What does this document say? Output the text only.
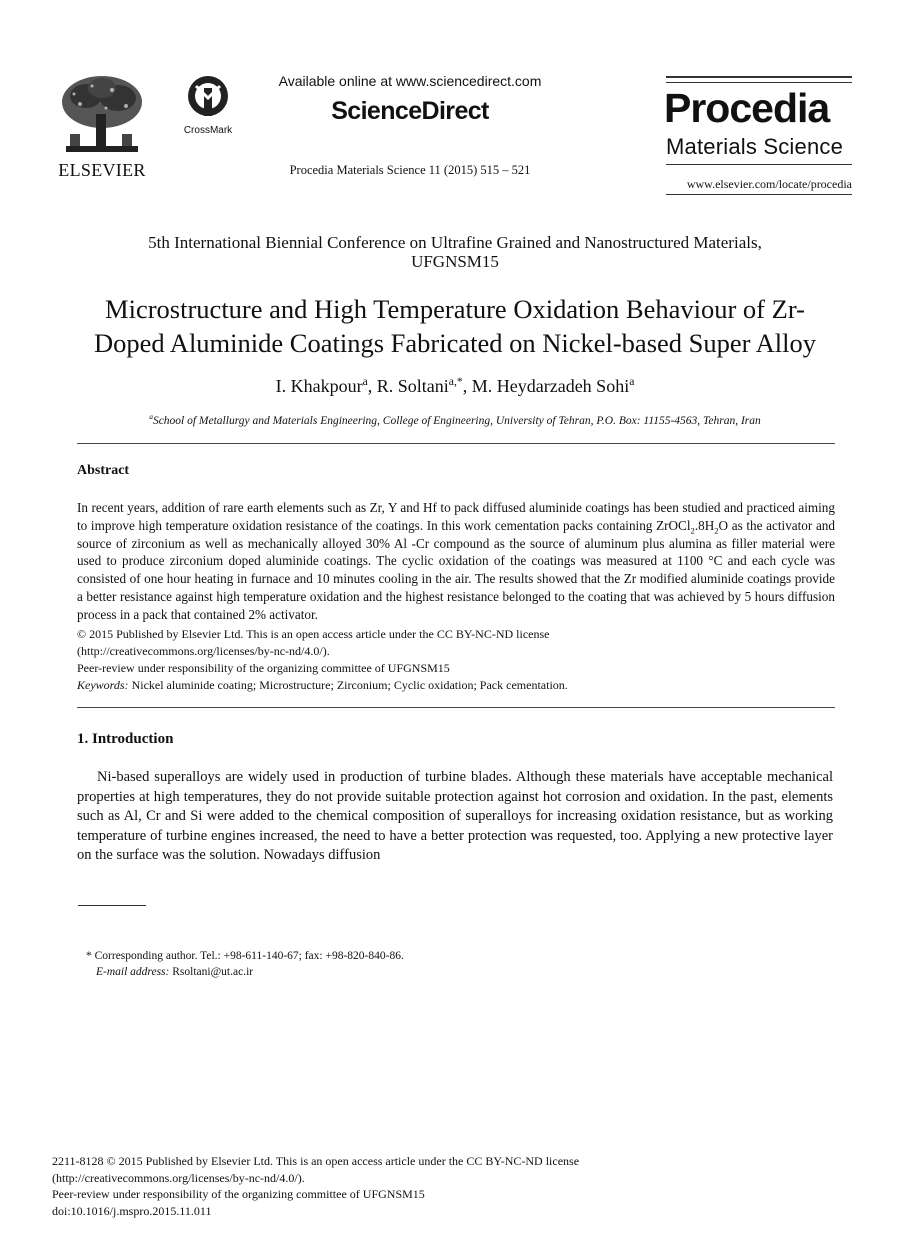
ELSEVIER
CrossMark
Available online at www.sciencedirect.com
ScienceDirect
Procedia Materials Science 11 (2015) 515 – 521
Procedia
Materials Science
www.elsevier.com/locate/procedia
5th International Biennial Conference on Ultrafine Grained and Nanostructured Materials,
UFGNSM15
Microstructure and High Temperature Oxidation Behaviour of Zr-
Doped Aluminide Coatings Fabricated on Nickel-based Super Alloy
I. Khakpour$^a$, R. Soltani$^{a,*}$, M. Heydarzadeh Sohi$^a$
$^a$School of Metallurgy and Materials Engineering, College of Engineering, University of Tehran, P.O. Box: 11155-4563, Tehran, Iran
Abstract
In recent years, addition of rare earth elements such as Zr, Y and Hf to pack diffused aluminide coatings has been studied and practiced aiming to improve high temperature oxidation resistance of the coatings. In this work cementation packs containing $ZrOCl_2.8H_2O$ as the activator and source of zirconium as well as mechanically alloyed 30% Al -Cr compound as the source of aluminum plus alumina as filler material were used to produce zirconium doped aluminide coatings. The cyclic oxidation of the coatings was measured at 1100 °C and each cycle was consisted of one hour heating in furnace and 10 minutes cooling in the air. The results showed that the Zr modified aluminide coatings provide a better resistance against high temperature oxidation and the highest resistance belonged to the coating that was achieved by 5 hours diffusion process in a pack that contained 2% activator.
© 2015 Published by Elsevier Ltd. This is an open access article under the CC BY-NC-ND license
(http://creativecommons.org/licenses/by-nc-nd/4.0/).
Peer-review under responsibility of the organizing committee of UFGNSM15
Keywords: Nickel aluminide coating; Microstructure; Zirconium; Cyclic oxidation; Pack cementation.
1. Introduction
Ni-based superalloys are widely used in production of turbine blades. Although these materials have acceptable mechanical properties at high temperatures, they do not provide suitable protection against hot corrosion and oxidation. In the past, elements such as Al, Cr and Si were added to the chemical composition of superalloys for increasing oxidation resistance, but as working temperature of turbine engines increased, the need to have a better protection was requested, too. Applying a new protective layer on the surface was the solution. Nowadays diffusion
* Corresponding author. Tel.: +98-611-140-67; fax: +98-820-840-86.
E-mail address: Rsoltani@ut.ac.ir
2211-8128 © 2015 Published by Elsevier Ltd. This is an open access article under the CC BY-NC-ND license
(http://creativecommons.org/licenses/by-nc-nd/4.0/).
Peer-review under responsibility of the organizing committee of UFGNSM15
doi:10.1016/j.mspro.2015.11.011
